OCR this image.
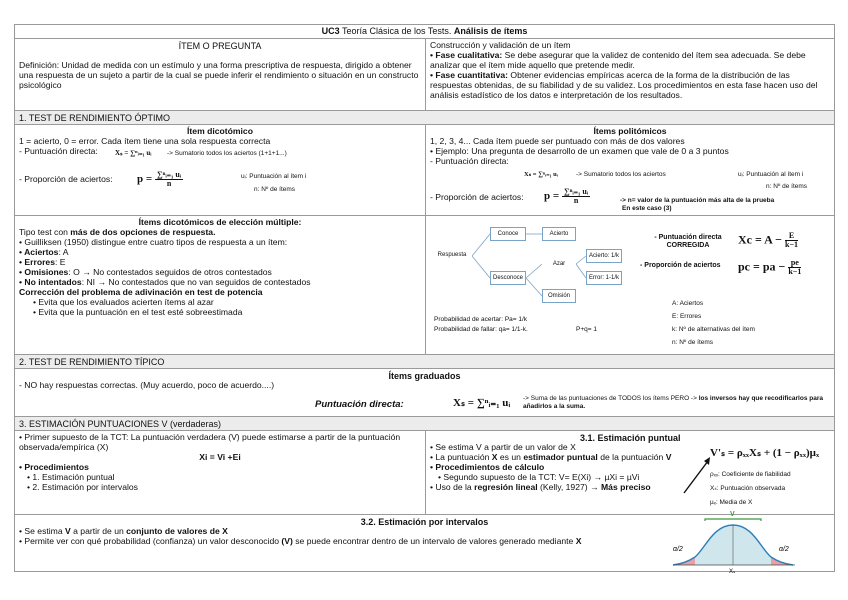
UC3 Teoría Clásica de los Tests. Análisis de ítems
ÍTEM O PREGUNTA
Definición: Unidad de medida con un estímulo y una forma prescriptiva de respuesta, dirigido a obtener una respuesta de un sujeto a partir de la cual se puede inferir el rendimiento o situación en un constructo psicológico
Construcción y validación de un ítem
• Fase cualitativa: Se debe asegurar que la validez de contenido del ítem sea adecuada. Se debe analizar que el ítem mide aquello que pretende medir.
• Fase cuantitativa: Obtener evidencias empíricas acerca de la forma de la distribución de las respuestas obtenidas, de su fiabilidad y de su validez. Los procedimientos en esta fase hacen uso del análisis estadístico de los datos e interpretación de los resultados.
1. TEST DE RENDIMIENTO ÓPTIMO
Ítem dicotómico
1 = acierto, 0 = error. Cada ítem tiene una sola respuesta correcta
- Puntuación directa: Xₛ = ∑ⁿᵢ₌₁ uᵢ -> Sumatorio todos los aciertos (1+1+1...)
- Proporción de aciertos: $p = \frac{\text{∑ⁿᵢ₌₁ uᵢ}}{n}$	uᵢ: Puntuación al ítem i
n: Nº de ítems
Ítems politómicos
1, 2, 3, 4... Cada ítem puede ser puntuado con más de dos valores
• Ejemplo: Una pregunta de desarrollo de un examen que vale de 0 a 3 puntos
- Puntuación directa:
Xₛ = ∑ⁿᵢ₌₁ uᵢ	-> Sumatorio todos los aciertos	uᵢ: Puntuación al ítem i
n: Nº de ítems
- Proporción de aciertos: $p = \frac{\text{∑ⁿᵢ₌₁ uᵢ}}{n}$	-> n= valor de la puntuación más alta de la prueba
En este caso (3)
Ítems dicotómicos de elección múltiple:
Tipo test con más de dos opciones de respuesta.
• Guilliksen (1950) distingue entre cuatro tipos de respuesta a un ítem:
• Aciertos: A
• Errores: E
• Omisiones: O → No contestados seguidos de otros contestados
• No intentados: NI → No contestados que no van seguidos de contestados
Corrección del problema de adivinación en test de potencia
• Evita que los evaluados acierten ítems al azar
• Evita que la puntuación en el test esté sobreestimada
Respuesta
Conoce	Acierto
Desconoce
Azar
Acierto: 1/k
Error: 1-1/k
Omisión
Probabilidad de acertar: Pa= 1/k
Probabilidad de fallar: qa= 1/1-k.	P+q= 1
- Puntuación directa
CORREGIDA	$Xc = A - \frac{E}{k-1}$
- Proporción de aciertos pc = pa − $\frac{pe}{k-1}$
A: Aciertos
E: Errores
k: Nº de alternativas del ítem
n: Nº de ítems
2. TEST DE RENDIMIENTO TÍPICO
Ítems graduados
- NO hay respuestas correctas. (Muy acuerdo, poco de acuerdo....)
Puntuación directa:	Xₛ = ∑ⁿᵢ₌₁ uᵢ -> Suma de las puntuaciones de TODOS los ítems PERO -> los inversos hay que recodificarlos para añadirlos a la suma.
3. ESTIMACIÓN PUNTUACIONES V (verdaderas)
• Primer supuesto de la TCT: La puntuación verdadera (V) puede estimarse a partir de la puntuación observada/empírica (X)
Xi = Vi +Ei
• Procedimientos
• 1. Estimación puntual
• 2. Estimación por intervalos
3.1. Estimación puntual
• Se estima V a partir de un valor de X
• La puntuación X es un estimador puntual de la puntuación V
• Procedimientos de cálculo
• Segundo supuesto de la TCT: V= E(Xi) → µXi = µVi
• Uso de la regresión lineal (Kelly, 1927) → Más preciso
V'ₛ = ρₓₓXₛ + (1 − ρₓₓ)µₓ
ρₓₓ: Coeficiente de fiabilidad
Xₛ: Puntuación observada
µₓ: Media de X
3.2. Estimación por intervalos
• Se estima V a partir de un conjunto de valores de X
• Permite ver con qué probabilidad (confianza) un valor desconocido (V) se puede encontrar dentro de un intervalo de valores generado mediante X
V
α/2	α/2
Xₛ
